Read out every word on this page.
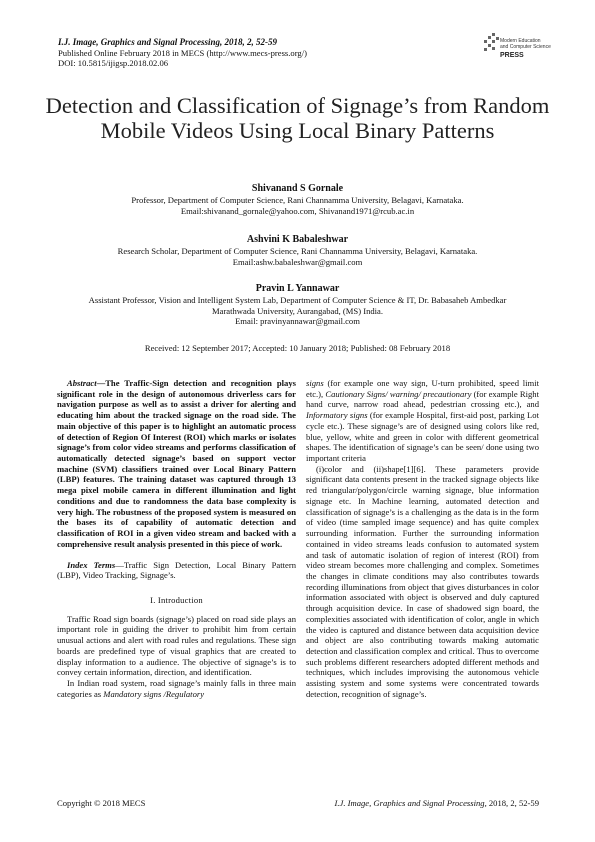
I.J. Image, Graphics and Signal Processing, 2018, 2, 52-59
Published Online February 2018 in MECS (http://www.mecs-press.org/)
DOI: 10.5815/ijigsp.2018.02.06
Modern Education
and Computer Science
PRESS
Detection and Classification of Signage’s from Random Mobile Videos Using Local Binary Patterns
Shivanand S Gornale
Professor, Department of Computer Science, Rani Channamma University, Belagavi, Karnataka.
Email:shivanand_gornale@yahoo.com, Shivanand1971@rcub.ac.in
Ashvini K Babaleshwar
Research Scholar, Department of Computer Science, Rani Channamma University, Belagavi, Karnataka.
Email:ashw.babaleshwar@gmail.com
Pravin L Yannawar
Assistant Professor, Vision and Intelligent System Lab, Department of Computer Science & IT, Dr. Babasaheb Ambedkar Marathwada University, Aurangabad, (MS) India.
Email: pravinyannawar@gmail.com
Received: 12 September 2017; Accepted: 10 January 2018; Published: 08 February 2018

Abstract—The Traffic-Sign detection and recognition plays significant role in the design of autonomous driverless cars for navigation purpose as well as to assist a driver for alerting and educating him about the tracked signage on the road side. The main objective of this paper is to highlight an automatic process of detection of Region Of Interest (ROI) which marks or isolates signage’s from color video streams and performs classification of automatically detected signage’s based on support vector machine (SVM) classifiers trained over Local Binary Pattern (LBP) features. The training dataset was captured through 13 mega pixel mobile camera in different illumination and light conditions and due to randomness the data base complexity is very high. The robustness of the proposed system is measured on the bases its of capability of automatic detection and classification of ROI in a given video stream and backed with a comprehensive result analysis presented in this piece of work.

Index Terms—Traffic Sign Detection, Local Binary Pattern (LBP), Video Tracking, Signage’s.

I. Introduction

Traffic Road sign boards (signage’s) placed on road side plays an important role in guiding the driver to prohibit him from certain unusual actions and alert with road rules and regulations. These sign boards are predefined type of visual graphics that are created to display information to a audience. The objective of signage’s is to convey certain information, direction, and identification.

In Indian road system, road signage’s mainly falls in three main categories as Mandatory signs /Regulatory

signs (for example one way sign, U-turn prohibited, speed limit etc.), Cautionary Signs/ warning/ precautionary (for example Right hand curve, narrow road ahead, pedestrian crossing etc.), and Informatory signs (for example Hospital, first-aid post, parking Lot cycle etc.). These signage’s are of designed using colors like red, blue, yellow, white and green in color with different geometrical shapes. The identification of signage’s can be seen/ done using two important criteria

(i)color and (ii)shape[1][6]. These parameters provide significant data contents present in the tracked signage objects like red triangular/polygon/circle warning signage, blue information signage etc. In Machine learning, automated detection and classification of signage’s is a challenging as the data is in the form of video (time sampled image sequence) and has quite complex surrounding information. Further the surrounding information contained in video streams leads confusion to automated system and task of automatic isolation of region of interest (ROI) from video stream becomes more challenging and complex. Sometimes the changes in climate conditions may also contributes towards recording illuminations from object that gives disturbances in color information associated with object is observed and duly captured through acquisition device. In case of shadowed sign board, the complexities associated with identification of color, angle in which the video is captured and distance between data acquisition device and object are also contributing towards making automatic detection and classification complex and critical. Thus to overcome such problems different researchers adopted different methods and techniques, which includes improvising the autonomous vehicle assisting system and some systems were concentrated towards detection, recognition of signage’s.

Copyright © 2018 MECS	I.J. Image, Graphics and Signal Processing, 2018, 2, 52-59
